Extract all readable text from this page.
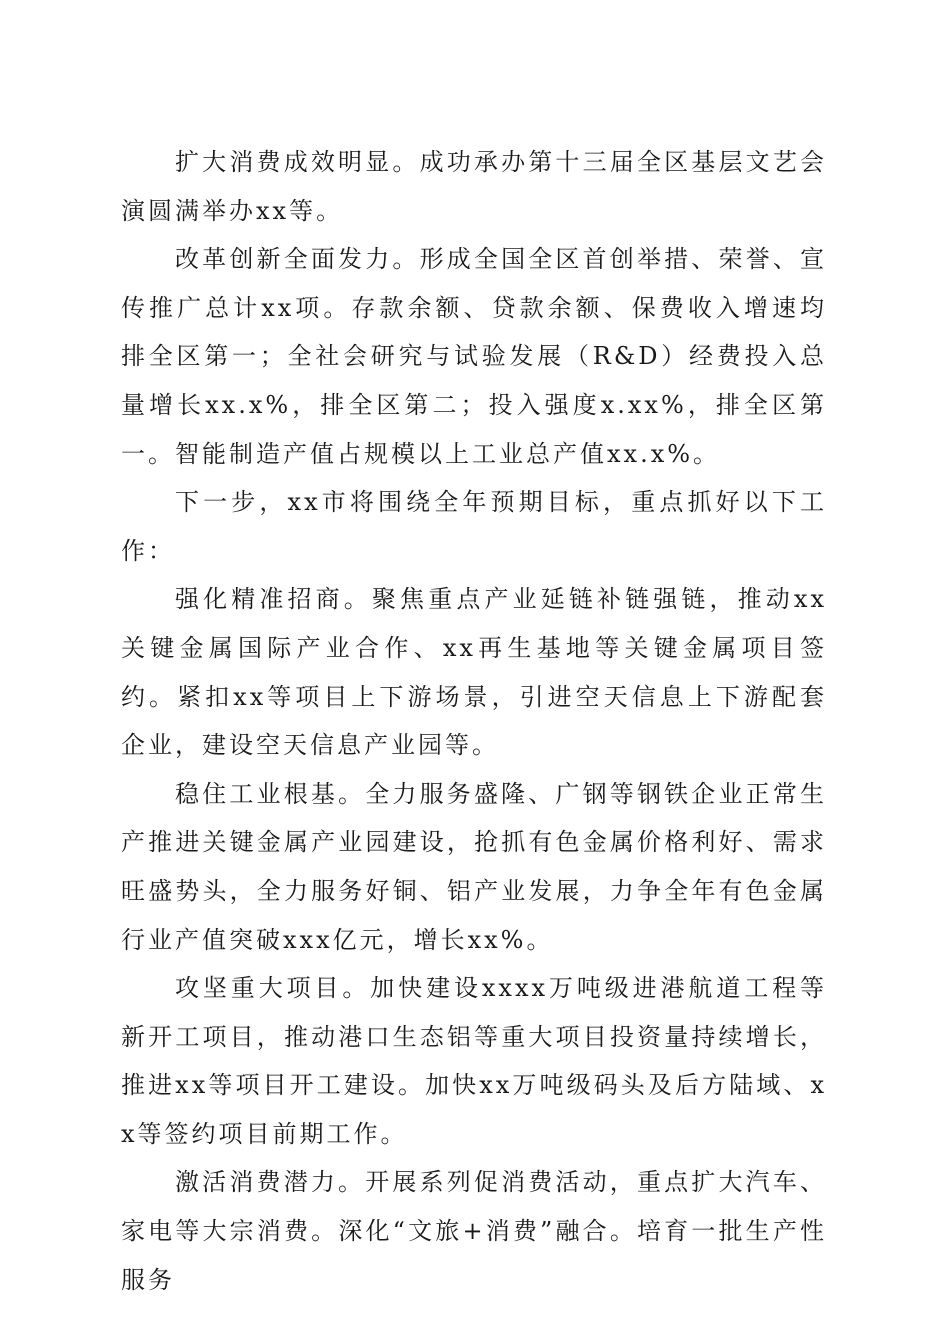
扩大消费成效明显。成功承办第十三届全区基层文艺会演圆满举办xx等。

改革创新全面发力。形成全国全区首创举措、荣誉、宣传推广总计xx项。存款余额、贷款余额、保费收入增速均排全区第一；全社会研究与试验发展（R&D）经费投入总量增长xx.x%，排全区第二；投入强度x.xx%，排全区第一。智能制造产值占规模以上工业总产值xx.x%。

下一步，xx市将围绕全年预期目标，重点抓好以下工作：

强化精准招商。聚焦重点产业延链补链强链，推动xx关键金属国际产业合作、xx再生基地等关键金属项目签约。紧扣xx等项目上下游场景，引进空天信息上下游配套企业，建设空天信息产业园等。

稳住工业根基。全力服务盛隆、广钢等钢铁企业正常生产推进关键金属产业园建设，抢抓有色金属价格利好、需求旺盛势头，全力服务好铜、铝产业发展，力争全年有色金属行业产值突破xxx亿元，增长xx%。

攻坚重大项目。加快建设xxxx万吨级进港航道工程等新开工项目，推动港口生态铝等重大项目投资量持续增长，推进xx等项目开工建设。加快xx万吨级码头及后方陆域、xx等签约项目前期工作。

激活消费潜力。开展系列促消费活动，重点扩大汽车、家电等大宗消费。深化“文旅+消费”融合。培育一批生产性服务
